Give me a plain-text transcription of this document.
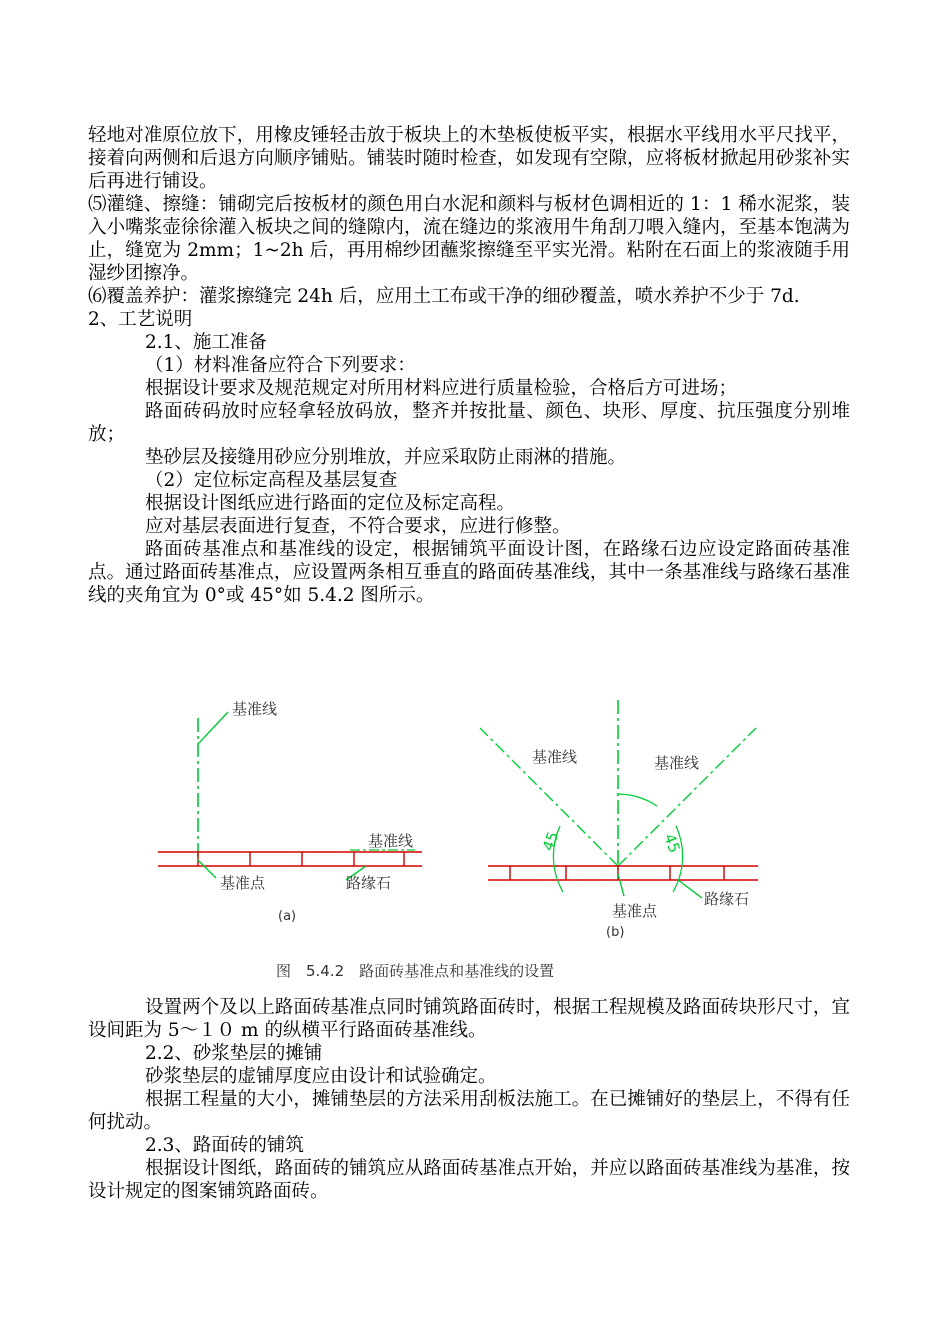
轻地对准原位放下，用橡皮锤轻击放于板块上的木垫板使板平实，根据水平线用水平尺找平，接着向两侧和后退方向顺序铺贴。铺装时随时检查，如发现有空隙，应将板材掀起用砂浆补实后再进行铺设。

⑸灌缝、擦缝：铺砌完后按板材的颜色用白水泥和颜料与板材色调相近的 1：1 稀水泥浆，装入小嘴浆壶徐徐灌入板块之间的缝隙内，流在缝边的浆液用牛角刮刀喂入缝内，至基本饱满为止，缝宽为 2mm；1~2h 后，再用棉纱团蘸浆擦缝至平实光滑。粘附在石面上的浆液随手用湿纱团擦净。

⑹覆盖养护：灌浆擦缝完 24h 后，应用土工布或干净的细砂覆盖，喷水养护不少于 7d.

2、工艺说明

2.1、施工准备

（1）材料准备应符合下列要求：

根据设计要求及规范规定对所用材料应进行质量检验，合格后方可进场；

路面砖码放时应轻拿轻放码放，整齐并按批量、颜色、块形、厚度、抗压强度分别堆放；

垫砂层及接缝用砂应分别堆放，并应采取防止雨淋的措施。

（2）定位标定高程及基层复查

根据设计图纸应进行路面的定位及标定高程。

应对基层表面进行复查，不符合要求，应进行修整。

路面砖基准点和基准线的设定，根据铺筑平面设计图，在路缘石边应设定路面砖基准点。通过路面砖基准点，应设置两条相互垂直的路面砖基准线，其中一条基准线与路缘石基准线的夹角宜为 0°或 45°如 5.4.2 图所示。

基准线
基准线
基准点	路缘石
(a)
45	45
基准线	基准线
基准点
路缘石
(b)
图　5.4.2　路面砖基准点和基准线的设置

设置两个及以上路面砖基准点同时铺筑路面砖时，根据工程规模及路面砖块形尺寸，宜设间距为 5～１０ m 的纵横平行路面砖基准线。

2.2、砂浆垫层的摊铺

砂浆垫层的虚铺厚度应由设计和试验确定。

根据工程量的大小，摊铺垫层的方法采用刮板法施工。在已摊铺好的垫层上，不得有任何扰动。

2.3、路面砖的铺筑

根据设计图纸，路面砖的铺筑应从路面砖基准点开始，并应以路面砖基准线为基准，按设计规定的图案铺筑路面砖。
